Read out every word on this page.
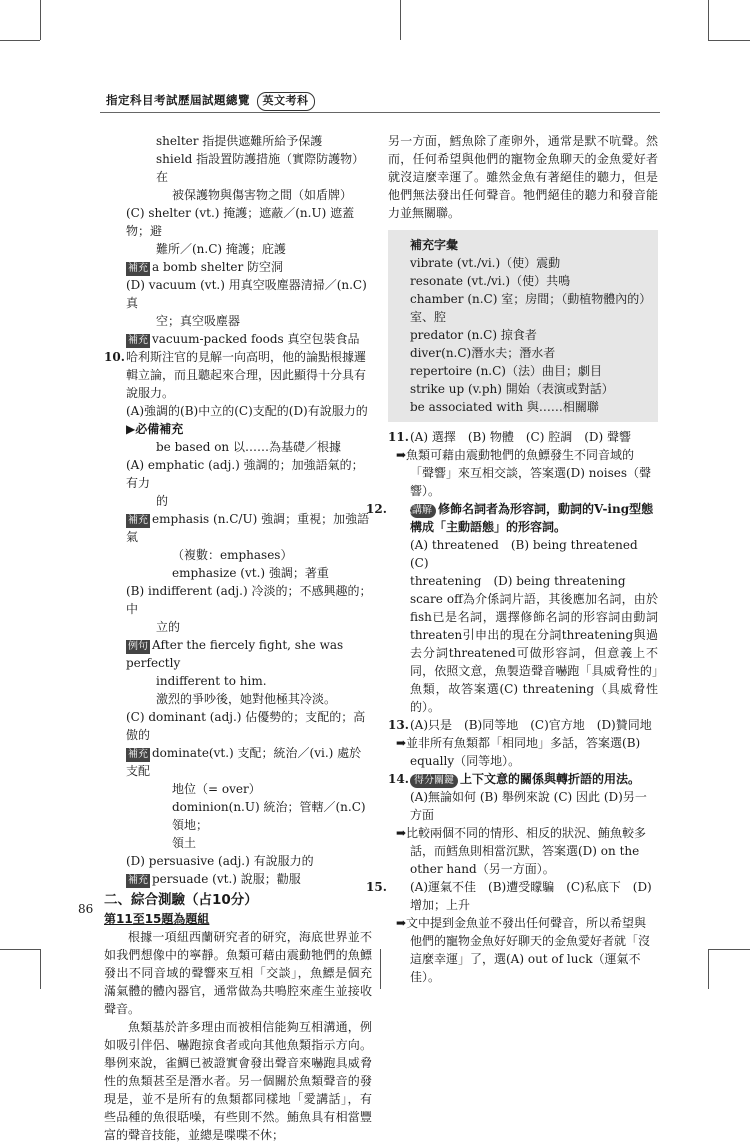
指定科目考試歷屆試題總覽 英文考科

shelter 指提供遮難所給予保護

shield 指設置防護措施（實際防護物）在

被保護物與傷害物之間（如盾牌）

(C) shelter (vt.) 掩護；遮蔽／(n.U) 遮蓋物；避

難所／(n.C) 掩護；庇護

補充 a bomb shelter 防空洞

(D) vacuum (vt.) 用真空吸塵器清掃／(n.C) 真

空；真空吸塵器

補充 vacuum-packed foods 真空包裝食品

10.哈利斯注官的見解一向高明，他的論點根據邏

輯立論，而且聽起來合理，因此顯得十分具有

說服力。

(A)強調的(B)中立的(C)支配的(D)有說服力的

▶必備補充

be based on 以……為基礎／根據

(A) emphatic (adj.) 強調的；加強語氣的；有力

的

補充 emphasis (n.C/U) 強調；重視；加強語氣

（複數：emphases）

emphasize (vt.) 強調；著重

(B) indifferent (adj.) 冷淡的；不感興趣的；中

立的

例句 After the fiercely fight, she was perfectly

indifferent to him.

激烈的爭吵後，她對他極其冷淡。

(C) dominant (adj.) 佔優勢的；支配的；高傲的

補充 dominate(vt.) 支配；統治／(vi.) 處於支配

地位（= over）

dominion(n.U) 統治；管轄／(n.C) 領地；

領土

(D) persuasive (adj.) 有說服力的

補充 persuade (vt.) 說服；勸服

二、綜合測驗（占10分）

第11至15題為題組

根據一項紐西蘭研究者的研究，海底世界並不如我們想像中的寧靜。魚類可藉由震動牠們的魚鰾發出不同音域的聲響來互相「交談」，魚鰾是個充滿氣體的體內器官，通常做為共鳴腔來產生並接收聲音。

魚類基於許多理由而被相信能夠互相溝通，例如吸引伴侶、嚇跑掠食者或向其他魚類指示方向。舉例來說，雀鯛已被證實會發出聲音來嚇跑具威脅性的魚類甚至是潛水者。另一個關於魚類聲音的發現是，並不是所有的魚類都同樣地「愛講話」，有些品種的魚很聒噪，有些則不然。鮪魚具有相當豐富的聲音技能，並總是喋喋不休；

另一方面，鱈魚除了產卵外，通常是默不吭聲。然而，任何希望與他們的寵物金魚聊天的金魚愛好者就沒這麼幸運了。雖然金魚有著絕佳的聽力，但是他們無法發出任何聲音。牠們絕佳的聽力和發音能力並無關聯。

補充字彙

vibrate (vt./vi.)（使）震動

resonate (vt./vi.)（使）共鳴

chamber (n.C) 室；房間；（動植物體內的）室、腔

predator (n.C) 掠食者

diver(n.C)潛水夫；潛水者

repertoire (n.C)（法）曲目；劇目

strike up (v.ph) 開始（表演或對話）

be associated with 與……相關聯

11.(A) 選擇　(B) 物體　(C) 腔調　(D) 聲響

➡魚類可藉由震動牠們的魚鰾發生不同音域的「聲響」來互相交談，答案選(D) noises（聲響）。

12. 文法講解 修飾名詞者為形容詞，動詞的V-ing型態構成「主動語態」的形容詞。

(A) threatened　(B) being threatened　(C)

threatening　(D) being threatening

scare off為介係詞片語，其後應加名詞，由於fish已是名詞，選擇修飾名詞的形容詞由動詞threaten引申出的現在分詞threatening與過去分詞threatened可做形容詞，但意義上不同，依照文意，魚製造聲音嚇跑「具威脅性的」魚類，故答案選(C) threatening（具威脅性的）。

13.(A)只是　(B)同等地　(C)官方地　(D)贊同地

➡並非所有魚類都「相同地」多話，答案選(B) equally（同等地）。

14. 得分關鍵 上下文意的關係與轉折語的用法。

(A)無論如何 (B) 舉例來說 (C) 因此 (D)另一方面

➡比較兩個不同的情形、相反的狀況、鮪魚較多話，而鱈魚則相當沉默，答案選(D) on the other hand（另一方面）。

15. (A)運氣不佳　(B)遭受矇騙　(C)私底下　(D)增加；上升

➡文中提到金魚並不發出任何聲音，所以希望與他們的寵物金魚好好聊天的金魚愛好者就「沒這麼幸運」了，選(A) out of luck（運氣不佳）。

86
